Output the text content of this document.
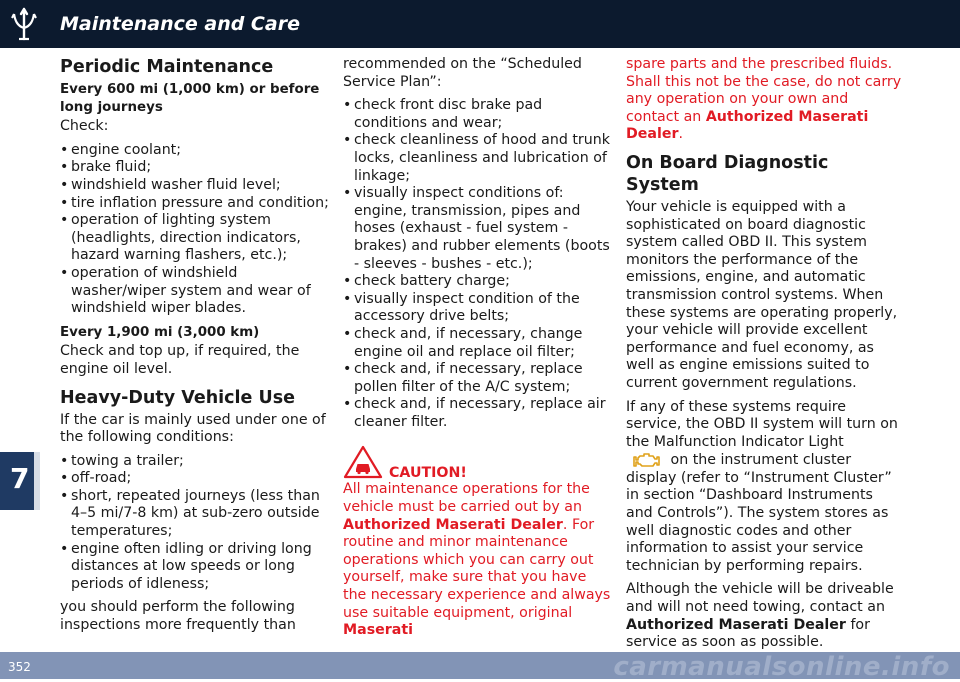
Maintenance and Care
7
Periodic Maintenance
Every 600 mi (1,000 km) or before long journeys

Check:

• engine coolant;
• brake fluid;
• windshield washer fluid level;
• tire inflation pressure and condition;
• operation of lighting system (headlights, direction indicators, hazard warning flashers, etc.);
• operation of windshield washer/wiper system and wear of windshield wiper blades.
Every 1,900 mi (3,000 km)

Check and top up, if required, the engine oil level.

Heavy-Duty Vehicle Use

If the car is mainly used under one of the following conditions:

• towing a trailer;
• off-road;
• short, repeated journeys (less than 4–5 mi/7-8 km) at sub-zero outside temperatures;
• engine often idling or driving long distances at low speeds or long periods of idleness;

you should perform the following inspections more frequently than

recommended on the “Scheduled Service Plan”:

• check front disc brake pad conditions and wear;
• check cleanliness of hood and trunk locks, cleanliness and lubrication of linkage;
• visually inspect conditions of: engine, transmission, pipes and hoses (exhaust - fuel system - brakes) and rubber elements (boots - sleeves - bushes - etc.);
• check battery charge;
• visually inspect condition of the accessory drive belts;
• check and, if necessary, change engine oil and replace oil filter;
• check and, if necessary, replace pollen filter of the A/C system;
• check and, if necessary, replace air cleaner filter.
CAUTION!

All maintenance operations for the vehicle must be carried out by an Authorized Maserati Dealer. For routine and minor maintenance operations which you can carry out yourself, make sure that you have the necessary experience and always use suitable equipment, original Maserati

spare parts and the prescribed fluids. Shall this not be the case, do not carry any operation on your own and contact an Authorized Maserati Dealer.

On Board Diagnostic System

Your vehicle is equipped with a sophisticated on board diagnostic system called OBD II. This system monitors the performance of the emissions, engine, and automatic transmission control systems. When these systems are operating properly, your vehicle will provide excellent performance and fuel economy, as well as engine emissions suited to current government regulations.

If any of these systems require service, the OBD II system will turn on the Malfunction Indicator Light
on the instrument cluster display (refer to “Instrument Cluster” in section “Dashboard Instruments and Controls”). The system stores as well diagnostic codes and other information to assist your service technician by performing repairs.

Although the vehicle will be driveable and will not need towing, contact an Authorized Maserati Dealer for service as soon as possible.

352	carmanualsonline.info
